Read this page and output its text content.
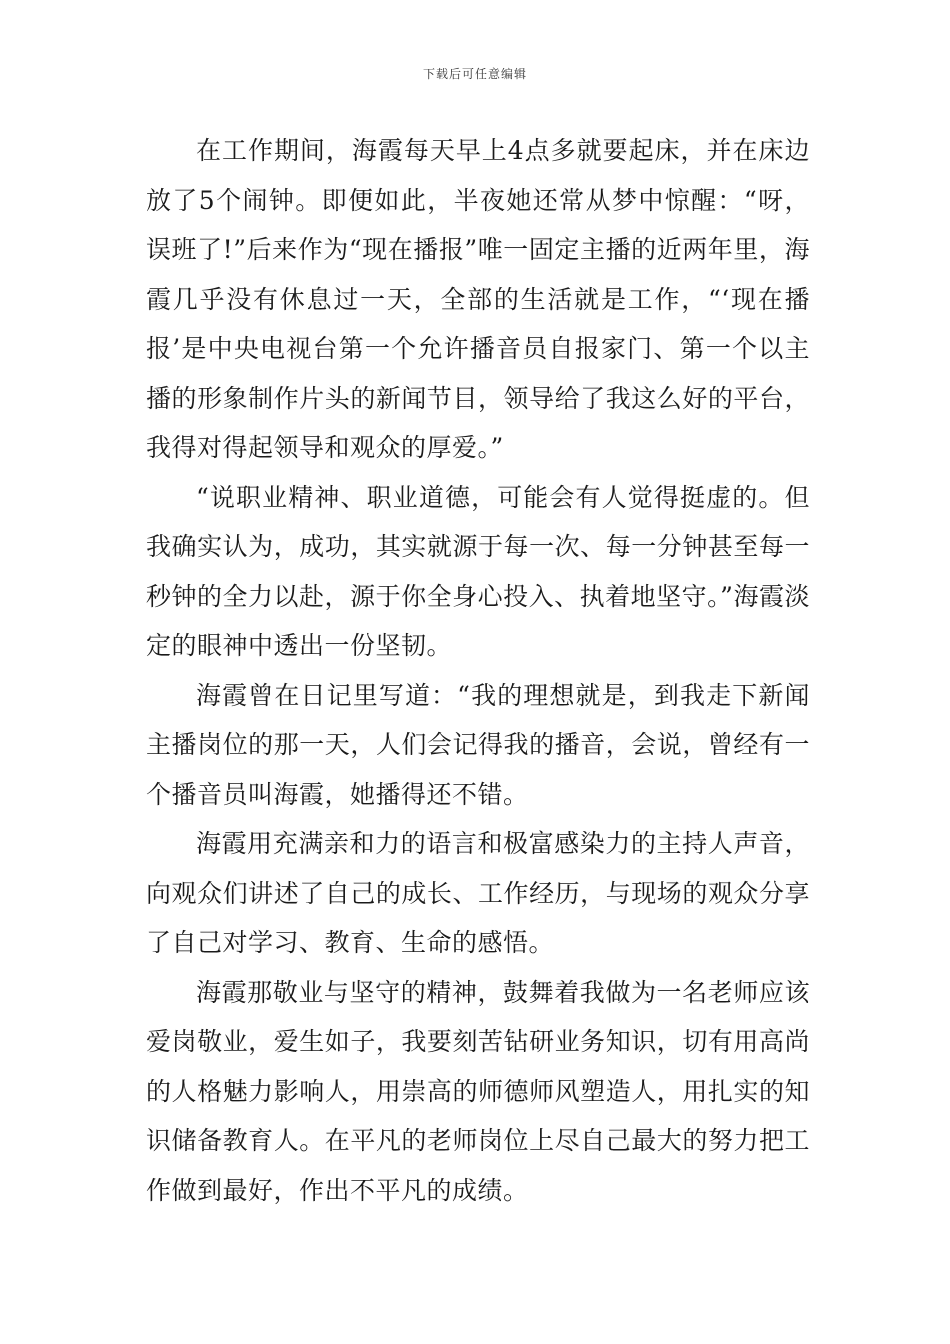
下载后可任意编辑

在工作期间，海霞每天早上4点多就要起床，并在床边放了5个闹钟。即便如此，半夜她还常从梦中惊醒：“呀，误班了!”后来作为“现在播报”唯一固定主播的近两年里，海霞几乎没有休息过一天，全部的生活就是工作，“‘现在播报’是中央电视台第一个允许播音员自报家门、第一个以主播的形象制作片头的新闻节目，领导给了我这么好的平台，我得对得起领导和观众的厚爱。”

“说职业精神、职业道德，可能会有人觉得挺虚的。但我确实认为，成功，其实就源于每一次、每一分钟甚至每一秒钟的全力以赴，源于你全身心投入、执着地坚守。”海霞淡定的眼神中透出一份坚韧。

海霞曾在日记里写道：“我的理想就是，到我走下新闻主播岗位的那一天，人们会记得我的播音，会说，曾经有一个播音员叫海霞，她播得还不错。

海霞用充满亲和力的语言和极富感染力的主持人声音，向观众们讲述了自己的成长、工作经历，与现场的观众分享了自己对学习、教育、生命的感悟。

海霞那敬业与坚守的精神，鼓舞着我做为一名老师应该爱岗敬业，爱生如子，我要刻苦钻研业务知识，切有用高尚的人格魅力影响人，用崇高的师德师风塑造人，用扎实的知识储备教育人。在平凡的老师岗位上尽自己最大的努力把工作做到最好，作出不平凡的成绩。
